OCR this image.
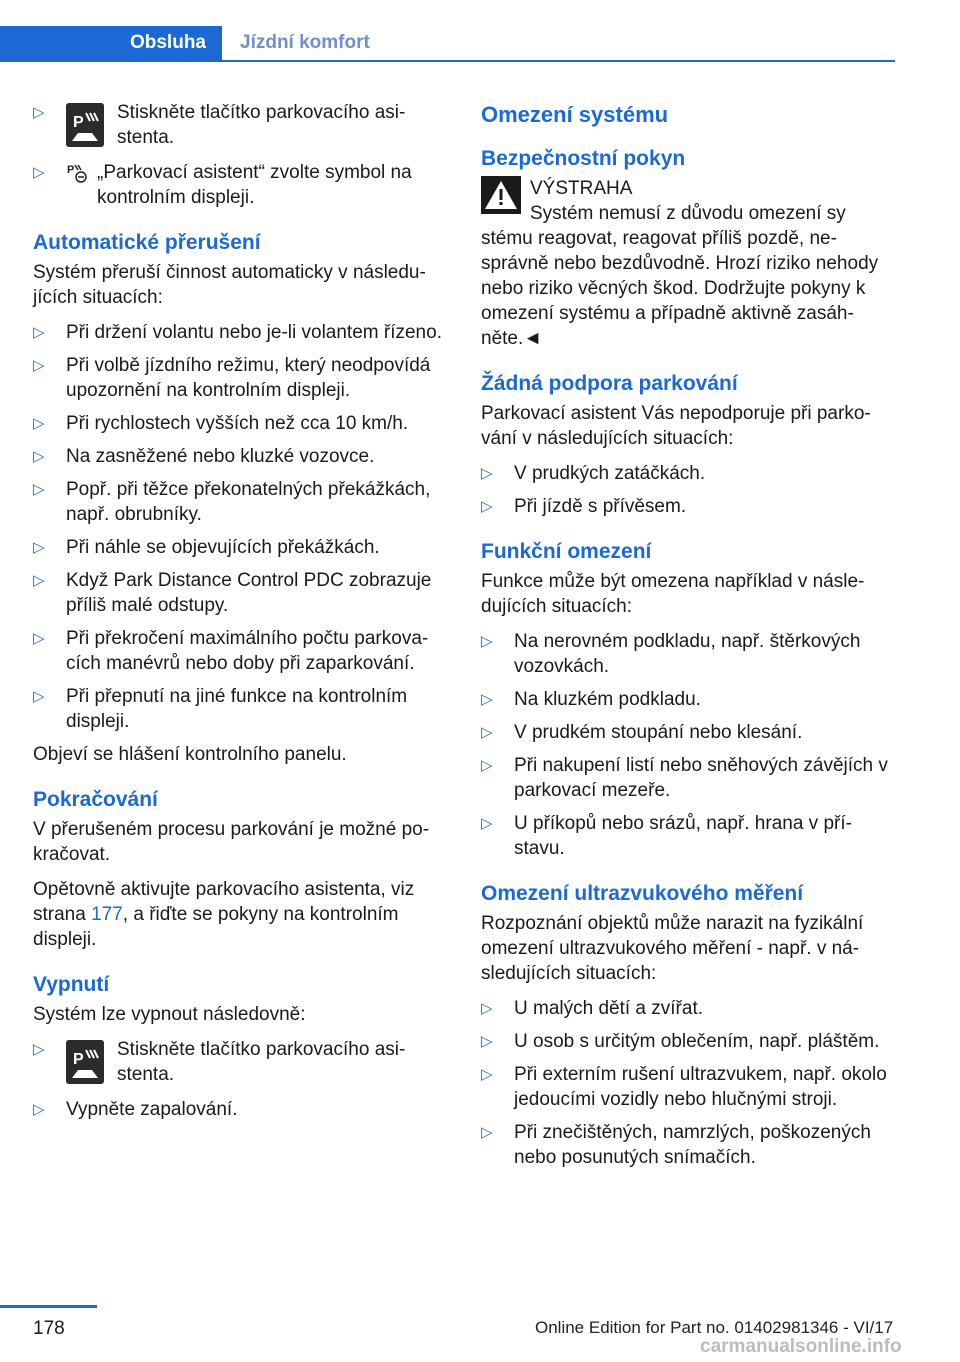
Obsluha	Jízdní komfort
▷
P Stiskněte tlačítko parkovacího asistenta.
▷ P „Parkovací asistent“ zvolte symbol na kontrolním displeji.
Automatické přerušení

Systém přeruší činnost automaticky v následujících situacích:

▷ Při držení volantu nebo je-li volantem řízeno.
▷ Při volbě jízdního režimu, který neodpovídá upozornění na kontrolním displeji.
▷ Při rychlostech vyšších než cca 10 km/h.
▷ Na zasněžené nebo kluzké vozovce.
▷ Popř. při těžce překonatelných překážkách, např. obrubníky.
▷ Při náhle se objevujících překážkách.
▷ Když Park Distance Control PDC zobrazuje příliš malé odstupy.
▷ Při překročení maximálního počtu parkovacích manévrů nebo doby při zaparkování.
▷ Při přepnutí na jiné funkce na kontrolním displeji.

Objeví se hlášení kontrolního panelu.

Pokračování

V přerušeném procesu parkování je možné pokračovat.

Opětovně aktivujte parkovacího asistenta, viz strana 177, a řiďte se pokyny na kontrolním displeji.

Vypnutí

Systém lze vypnout následovně:

▷
P Stiskněte tlačítko parkovacího asistenta.
▷ Vypněte zapalování.
Omezení systému
Bezpečnostní pokyn
VÝSTRAHA
Systém nemusí z důvodu omezení sy
stému reagovat, reagovat příliš pozdě, nesprávně nebo bezdůvodně. Hrozí riziko nehody nebo riziko věcných škod. Dodržujte pokyny k omezení systému a případně aktivně zasáhněte.◄
Žádná podpora parkování

Parkovací asistent Vás nepodporuje při parkování v následujících situacích:

▷ V prudkých zatáčkách.
▷ Při jízdě s přívěsem.
Funkční omezení

Funkce může být omezena například v následujících situacích:

▷ Na nerovném podkladu, např. štěrkových vozovkách.
▷ Na kluzkém podkladu.
▷ V prudkém stoupání nebo klesání.
▷ Při nakupení listí nebo sněhových závějích v parkovací mezeře.
▷ U příkopů nebo srázů, např. hrana v přístavu.
Omezení ultrazvukového měření

Rozpoznání objektů může narazit na fyzikální omezení ultrazvukového měření - např. v následujících situacích:

▷ U malých dětí a zvířat.
▷ U osob s určitým oblečením, např. pláštěm.
▷ Při externím rušení ultrazvukem, např. okolo jedoucími vozidly nebo hlučnými stroji.
▷ Při znečištěných, namrzlých, poškozených nebo posunutých snímačích.
178	Online Edition for Part no. 01402981346 - VI/17
carmanualsonline.info
